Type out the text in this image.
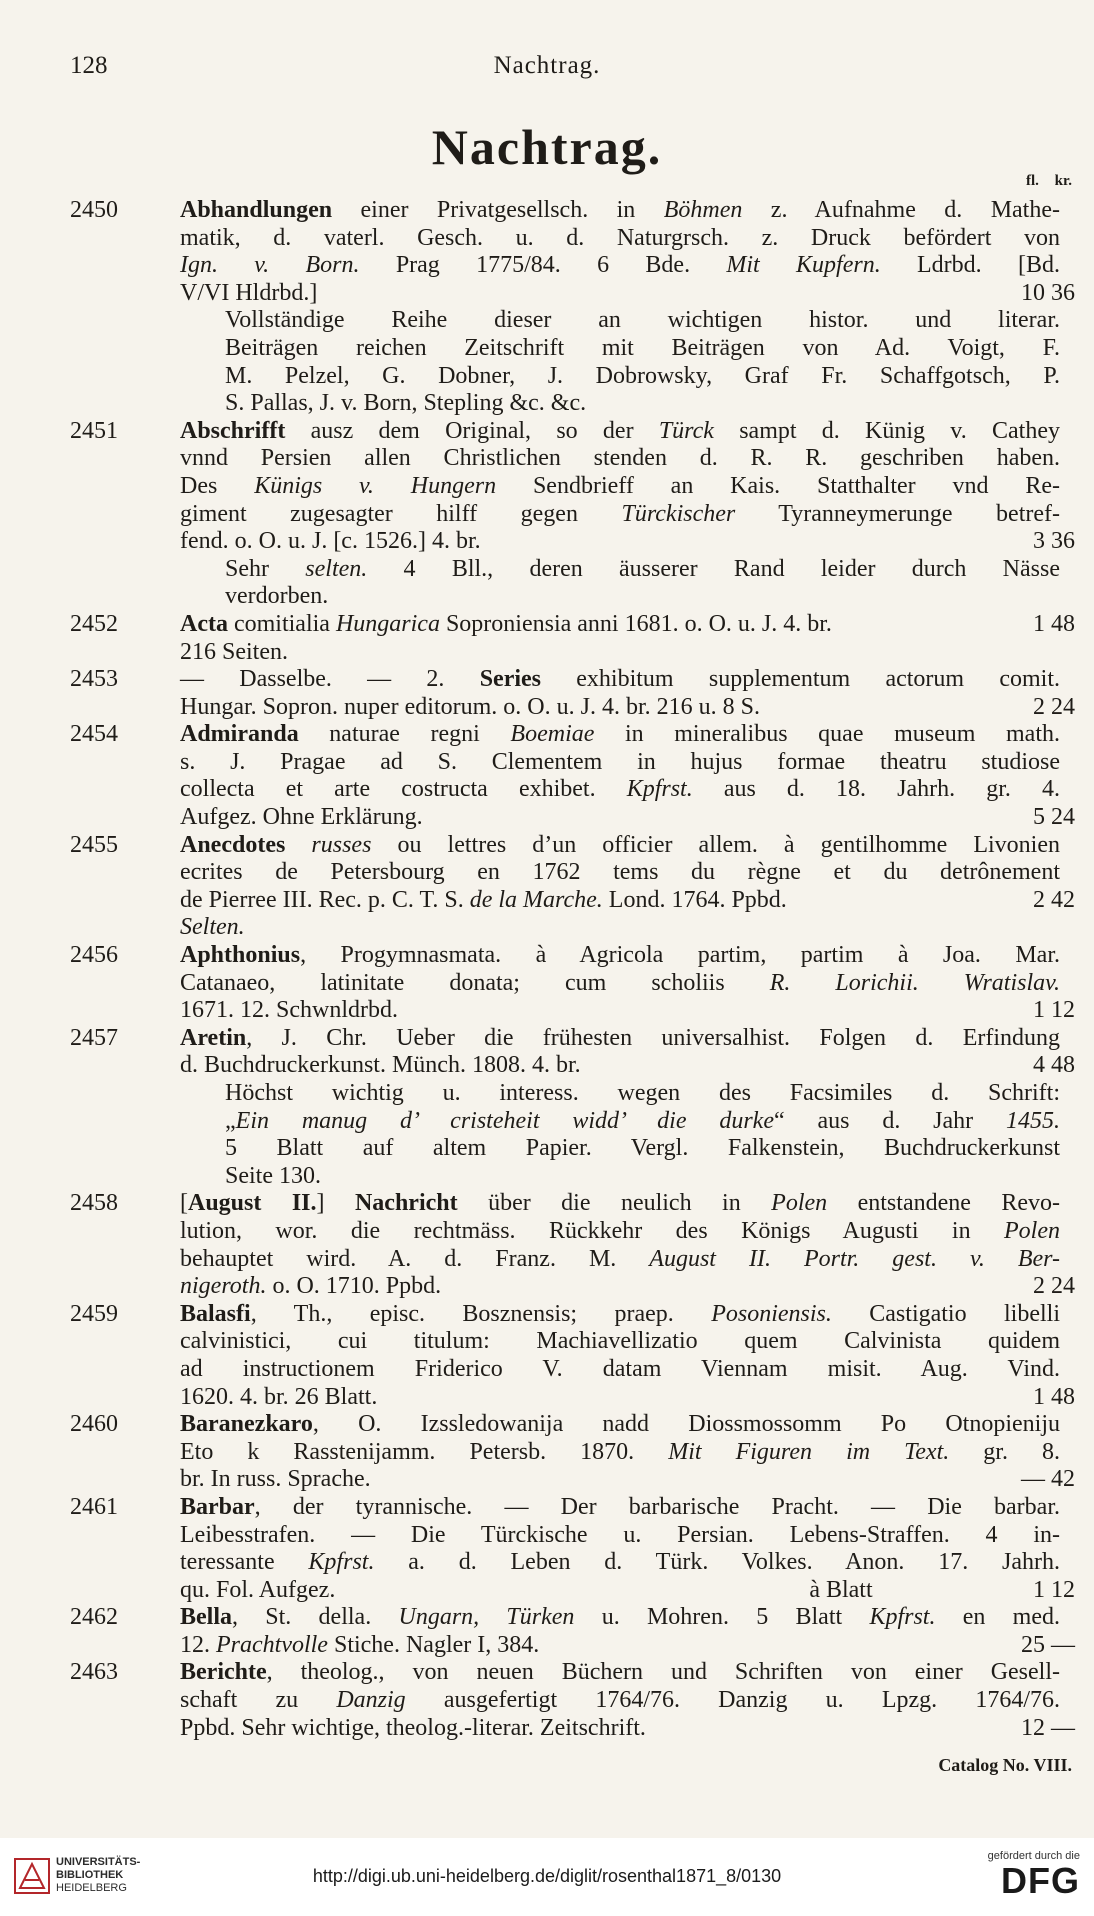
128	Nachtrag.
Nachtrag.
fl. kr.
2450	Abhandlungen einer Privatgesellsch. in Böhmen z. Aufnahme d. Mathe-
matik, d. vaterl. Gesch. u. d. Naturgrsch. z. Druck befördert von
Ign. v. Born. Prag 1775/84. 6 Bde. Mit Kupfern. Ldrbd. [Bd.
V/VI Hldrbd.]	10 36
Vollständige Reihe dieser an wichtigen histor. und literar.
Beiträgen reichen Zeitschrift mit Beiträgen von Ad. Voigt, F.
M. Pelzel, G. Dobner, J. Dobrowsky, Graf Fr. Schaffgotsch, P.
S. Pallas, J. v. Born, Stepling &c. &c.
2451	Abschrifft ausz dem Original, so der Türck sampt d. Künig v. Cathey
vnnd Persien allen Christlichen stenden d. R. R. geschriben haben.
Des Künigs v. Hungern Sendbrieff an Kais. Statthalter vnd Re-
giment zugesagter hilff gegen Türckischer Tyranneymerunge betref-
fend. o. O. u. J. [c. 1526.] 4. br.	3 36
Sehr selten. 4 Bll., deren äusserer Rand leider durch Nässe
verdorben.
2452	Acta comitialia Hungarica Soproniensia anni 1681. o. O. u. J. 4. br.	1 48
216 Seiten.
2453	— Dasselbe. — 2. Series exhibitum supplementum actorum comit.
Hungar. Sopron. nuper editorum. o. O. u. J. 4. br. 216 u. 8 S.	2 24
2454	Admiranda naturae regni Boemiae in mineralibus quae museum math.
s. J. Pragae ad S. Clementem in hujus formae theatru studiose
collecta et arte costructa exhibet. Kpfrst. aus d. 18. Jahrh. gr. 4.
Aufgez. Ohne Erklärung.	5 24
2455	Anecdotes russes ou lettres d’un officier allem. à gentilhomme Livonien
ecrites de Petersbourg en 1762 tems du règne et du detrônement
de Pierree III. Rec. p. C. T. S. de la Marche. Lond. 1764. Ppbd.	2 42
Selten.
2456	Aphthonius, Progymnasmata. à Agricola partim, partim à Joa. Mar.
Catanaeo, latinitate donata; cum scholiis R. Lorichii. Wratislav.
1671. 12. Schwnldrbd.	1 12
2457	Aretin, J. Chr. Ueber die frühesten universalhist. Folgen d. Erfindung
d. Buchdruckerkunst. Münch. 1808. 4. br.	4 48
Höchst wichtig u. interess. wegen des Facsimiles d. Schrift:
„Ein manug d’ cristeheit widd’ die durke“ aus d. Jahr 1455.
5 Blatt auf altem Papier. Vergl. Falkenstein, Buchdruckerkunst
Seite 130.
2458	[August II.] Nachricht über die neulich in Polen entstandene Revo-
lution, wor. die rechtmäss. Rückkehr des Königs Augusti in Polen
behauptet wird. A. d. Franz. M. August II. Portr. gest. v. Ber-
nigeroth. o. O. 1710. Ppbd.	2 24
2459	Balasfi, Th., episc. Bosznensis; praep. Posoniensis. Castigatio libelli
calvinistici, cui titulum: Machiavellizatio quem Calvinista quidem
ad instructionem Friderico V. datam Viennam misit. Aug. Vind.
1620. 4. br. 26 Blatt.	1 48
2460	Baranezkaro, O. Izssledowanija nadd Diossmossomm Po Otnopieniju
Eto k Rasstenijamm. Petersb. 1870. Mit Figuren im Text. gr. 8.
br. In russ. Sprache.	— 42
2461	Barbar, der tyrannische. — Der barbarische Pracht. — Die barbar.
Leibesstrafen. — Die Türckische u. Persian. Lebens-Straffen. 4 in-
teressante Kpfrst. a. d. Leben d. Türk. Volkes. Anon. 17. Jahrh.
qu. Fol. Aufgez.                                                                               à Blatt	1 12
2462	Bella, St. della. Ungarn, Türken u. Mohren. 5 Blatt Kpfrst. en med.
12. Prachtvolle Stiche. Nagler I, 384.	25 —
2463	Berichte, theolog., von neuen Büchern und Schriften von einer Gesell-
schaft zu Danzig ausgefertigt 1764/76. Danzig u. Lpzg. 1764/76.
Ppbd. Sehr wichtige, theolog.-literar. Zeitschrift.	12 —
Catalog No. VIII.
UNIVERSITÄTS-
BIBLIOTHEK
HEIDELBERG
http://digi.ub.uni-heidelberg.de/diglit/rosenthal1871_8/0130
gefördert durch die
DFG
